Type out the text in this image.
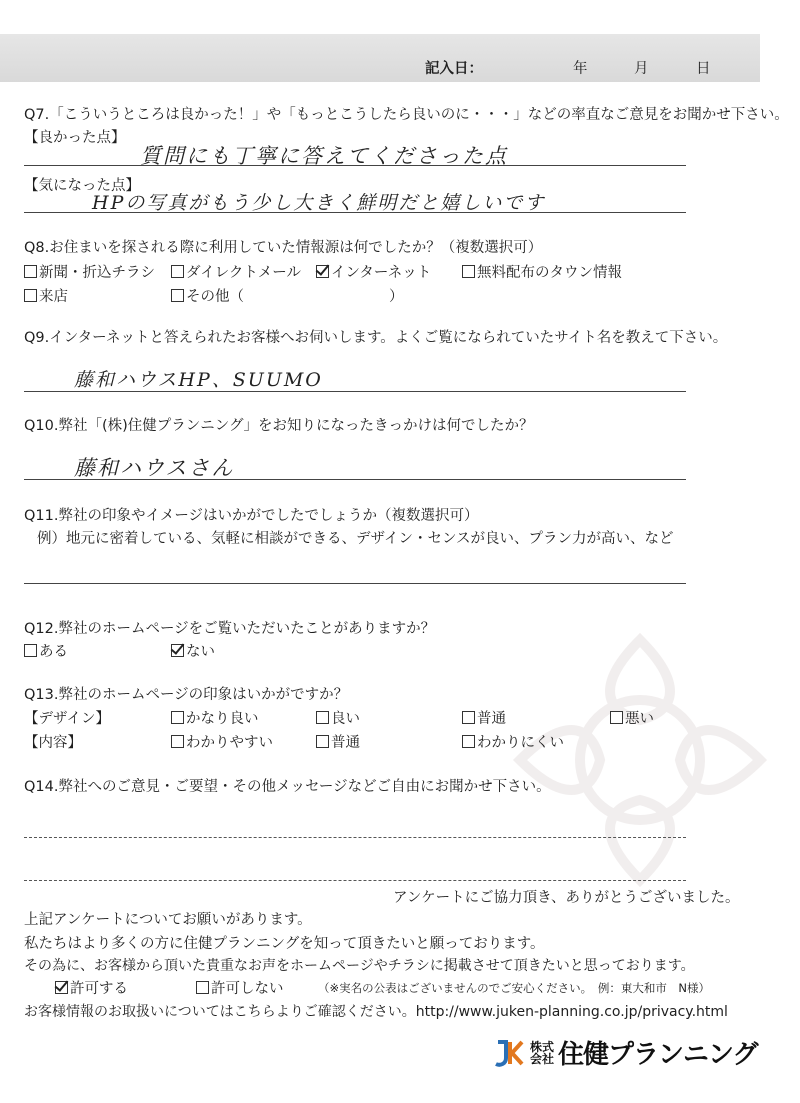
記入日：	年	月	日
Q7.「こういうところは良かった！」や「もっとこうしたら良いのに・・・」などの率直なご意見をお聞かせ下さい。
【良かった点】
質問にも丁寧に答えてくださった点
【気になった点】
HPの写真がもう少し大きく鮮明だと嬉しいです
Q8.お住まいを探される際に利用していた情報源は何でしたか？（複数選択可）
新聞・折込チラシ	ダイレクトメール	インターネット	無料配布のタウン情報
来店	その他（　　　　　　　　　　）
Q9.インターネットと答えられたお客様へお伺いします。よくご覧になられていたサイト名を教えて下さい。
藤和ハウスHP、SUUMO
Q10.弊社「(株)住健プランニング」をお知りになったきっかけは何でしたか？
藤和ハウスさん
Q11.弊社の印象やイメージはいかがでしたでしょうか（複数選択可）
例）地元に密着している、気軽に相談ができる、デザイン・センスが良い、プラン力が高い、など
Q12.弊社のホームページをご覧いただいたことがありますか？
ある	ない
Q13.弊社のホームページの印象はいかがですか？
【デザイン】	かなり良い	良い	普通	悪い
【内容】	わかりやすい	普通	わかりにくい
Q14.弊社へのご意見・ご要望・その他メッセージなどご自由にお聞かせ下さい。
アンケートにご協力頂き、ありがとうございました。
上記アンケートについてお願いがあります。
私たちはより多くの方に住健プランニングを知って頂きたいと願っております。
その為に、お客様から頂いた貴重なお声をホームページやチラシに掲載させて頂きたいと思っております。
許可する	許可しない	（※実名の公表はございませんのでご安心ください。　例：東大和市　N様）
お客様情報のお取扱いについてはこちらよりご確認ください。http://www.juken-planning.co.jp/privacy.html
株式
会社 住健プランニング
